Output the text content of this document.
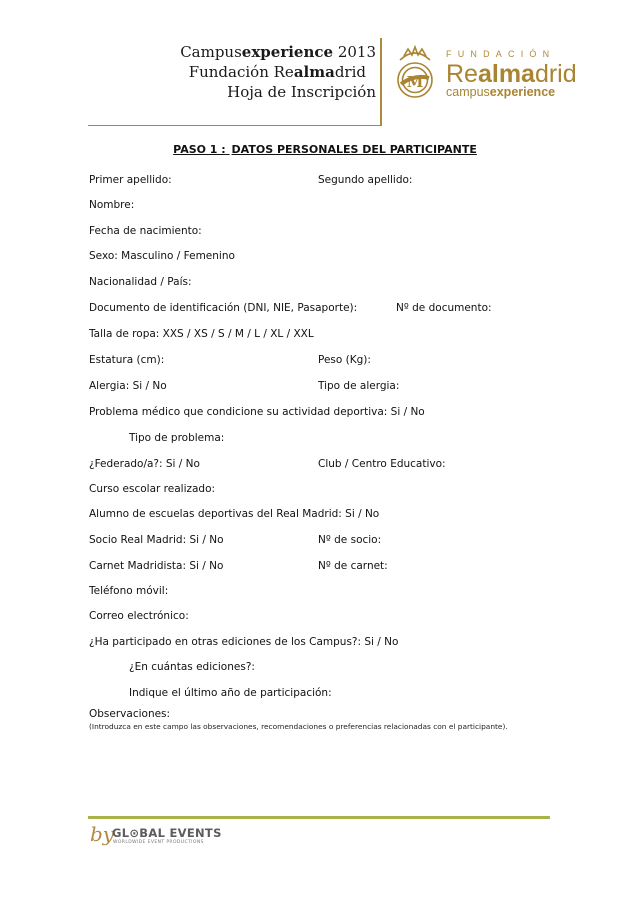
Campusexperience 2013
Fundación Realmadrid
Hoja de Inscripción
M
FUNDACIÓN
Realmadrid
campusexperience
PASO 1 : DATOS PERSONALES DEL PARTICIPANTE
Primer apellido:	Segundo apellido:
Nombre:
Fecha de nacimiento:
Sexo: Masculino / Femenino
Nacionalidad / País:
Documento de identificación (DNI, NIE, Pasaporte):	Nº de documento:
Talla de ropa: XXS / XS / S / M / L / XL / XXL
Estatura (cm):	Peso (Kg):
Alergia: Si / No	Tipo de alergia:
Problema médico que condicione su actividad deportiva: Si / No
Tipo de problema:
¿Federado/a?: Si / No	Club / Centro Educativo:
Curso escolar realizado:
Alumno de escuelas deportivas del Real Madrid: Si / No
Socio Real Madrid: Si / No	Nº de socio:
Carnet Madridista: Si / No	Nº de carnet:
Teléfono móvil:
Correo electrónico:
¿Ha participado en otras ediciones de los Campus?: Si / No
¿En cuántas ediciones?:
Indique el último año de participación:
Observaciones:
(Introduzca en este campo las observaciones, recomendaciones o preferencias relacionadas con el participante).
by
GL⊙BAL EVENTS
WORLDWIDE EVENT PRODUCTIONS
